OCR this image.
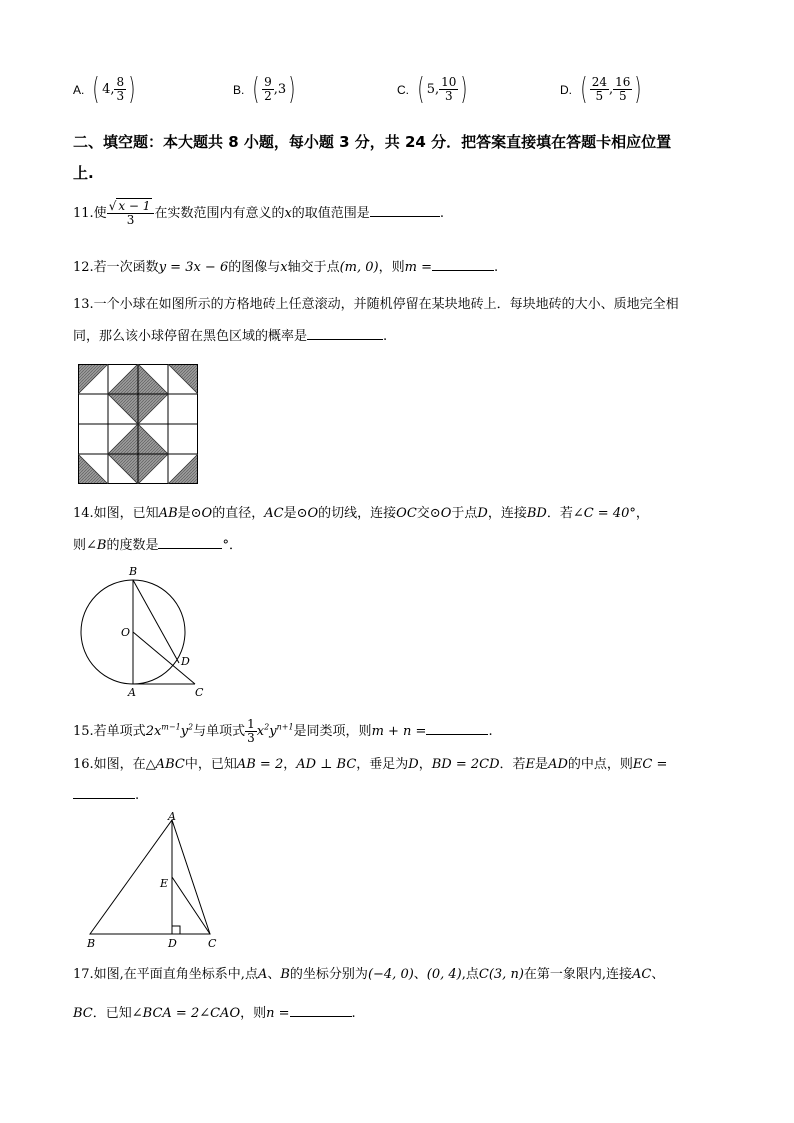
A. ( 4, $\frac{8}{3}$ )	B. ( $\frac{9}{2} ,3$)	C. ( 5, $\frac{10}{3}$ )	D. ( $\frac{24}{5}$ , $\frac{16}{5}$ )
二、填空题：本大题共 8 小题，每小题 3 分，共 24 分．把答案直接填在答题卡相应位置
上.
11.使 $\frac{√ x - 1}{3}$ 在实数范围内有意义的x的取值范围是	.
12.若一次函数y = 3x − 6的图像与x轴交于点(m, 0)，则m =	.
13.一个小球在如图所示的方格地砖上任意滚动，并随机停留在某块地砖上．每块地砖的大小、质地完全相
同，那么该小球停留在黑色区域的概率是	.
14.如图，已知AB是⊙O的直径，AC是⊙O的切线，连接OC交⊙O于点D，连接BD．若∠C = 40°，
则∠B的度数是	°．
B
O
D
A	C
15.若单项式$2x^{m-1}y^2$与单项式 $\frac{1}{3} x^2y^{n+1}$是同类项，则m + n =	.
16.如图，在△ABC中，已知AB = 2，AD ⊥ BC，垂足为D，BD = 2CD．若E是AD的中点，则EC =
.
A
E
B	D	C
17.如图,在平面直角坐标系中,点A、B的坐标分别为(−4, 0)、(0, 4),点C(3, n)在第一象限内,连接AC、
BC．已知∠BCA = 2∠CAO，则n =	.
